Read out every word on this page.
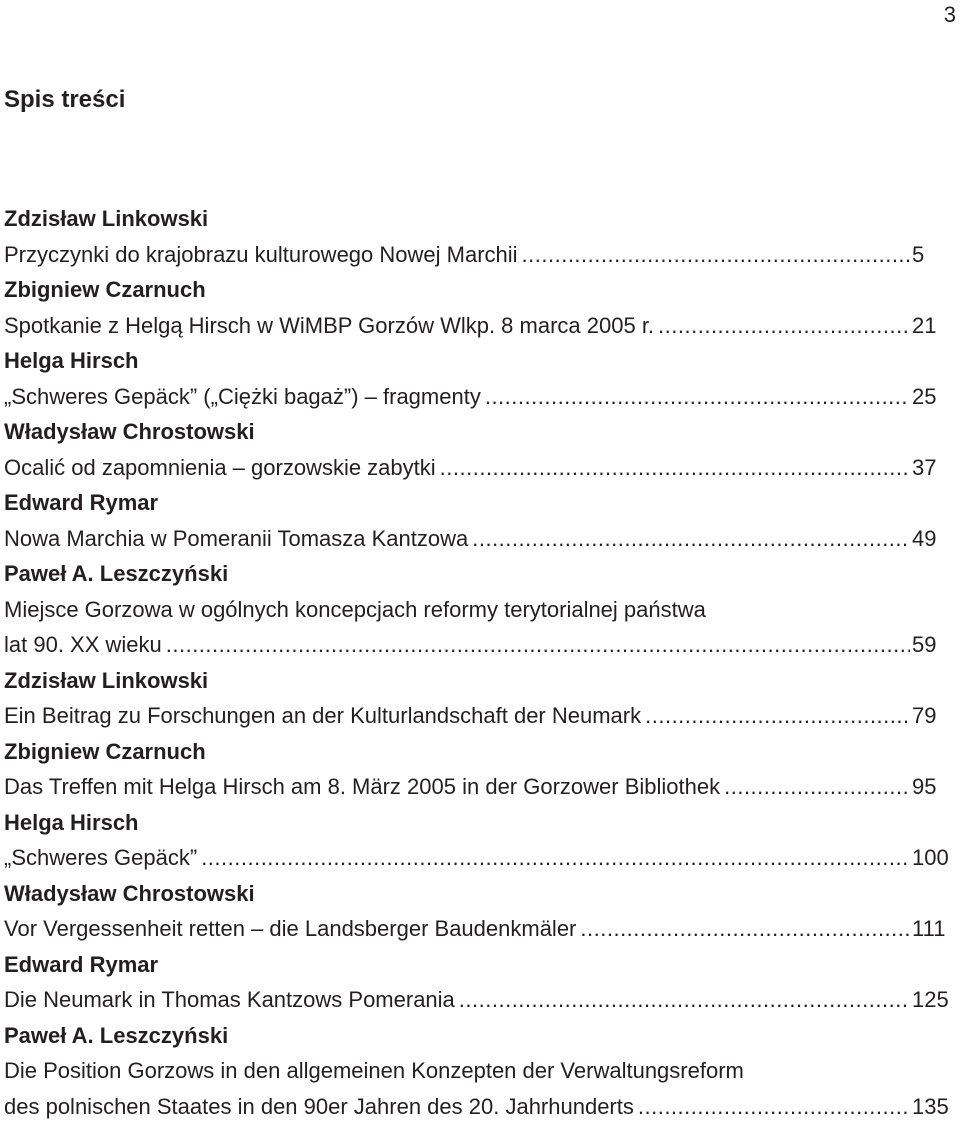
3
Spis treści
Zdzisław Linkowski
Przyczynki do krajobrazu kulturowego Nowej Marchii .....	5
Zbigniew Czarnuch
Spotkanie z Helgą Hirsch w WiMBP Gorzów Wlkp. 8 marca 2005 r. .....	21
Helga Hirsch
„Schweres Gepäck” („Ciężki bagaż”) – fragmenty .....	25
Władysław Chrostowski
Ocalić od zapomnienia – gorzowskie zabytki .....	37
Edward Rymar
Nowa Marchia w Pomeranii Tomasza Kantzowa .....	49
Paweł A. Leszczyński
Miejsce Gorzowa w ogólnych koncepcjach reformy terytorialnej państwa
lat 90. XX wieku .....	59
Zdzisław Linkowski
Ein Beitrag zu Forschungen an der Kulturlandschaft der Neumark .....	79
Zbigniew Czarnuch
Das Treffen mit Helga Hirsch am 8. März 2005 in der Gorzower Bibliothek .....	95
Helga Hirsch
„Schweres Gepäck” .....	100
Władysław Chrostowski
Vor Vergessenheit retten – die Landsberger Baudenkmäler .....	111
Edward Rymar
Die Neumark in Thomas Kantzows Pomerania .....	125
Paweł A. Leszczyński
Die Position Gorzows in den allgemeinen Konzepten der Verwaltungsreform
des polnischen Staates in den 90er Jahren des 20. Jahrhunderts .....	135
